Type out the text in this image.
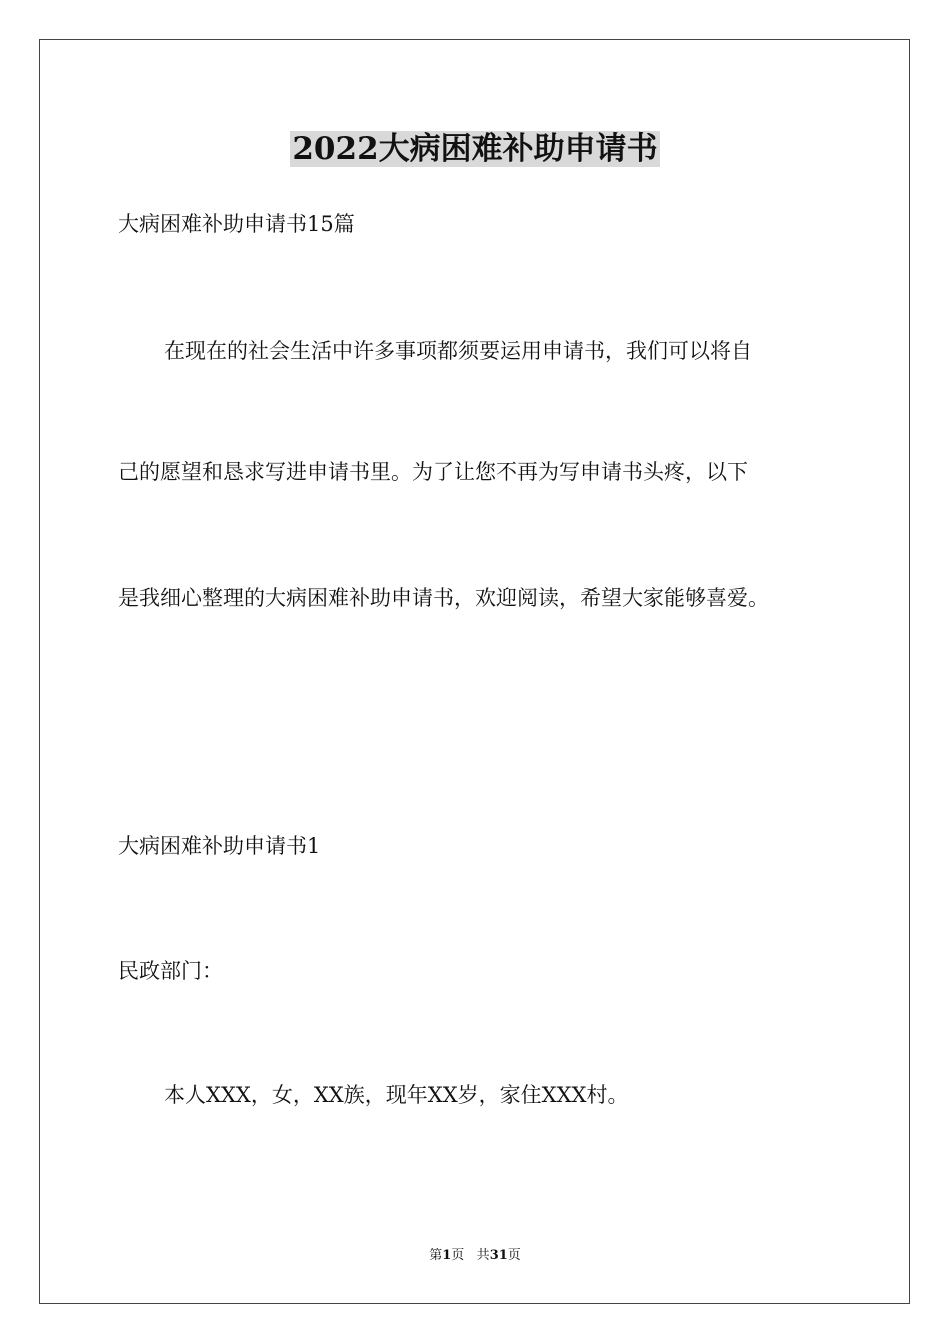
2022大病困难补助申请书
大病困难补助申请书15篇
在现在的社会生活中许多事项都须要运用申请书，我们可以将自
己的愿望和恳求写进申请书里。为了让您不再为写申请书头疼，以下
是我细心整理的大病困难补助申请书，欢迎阅读，希望大家能够喜爱。
大病困难补助申请书1
民政部门：
本人XXX，女，XX族，现年XX岁，家住XXX村。
第1页 共31页
